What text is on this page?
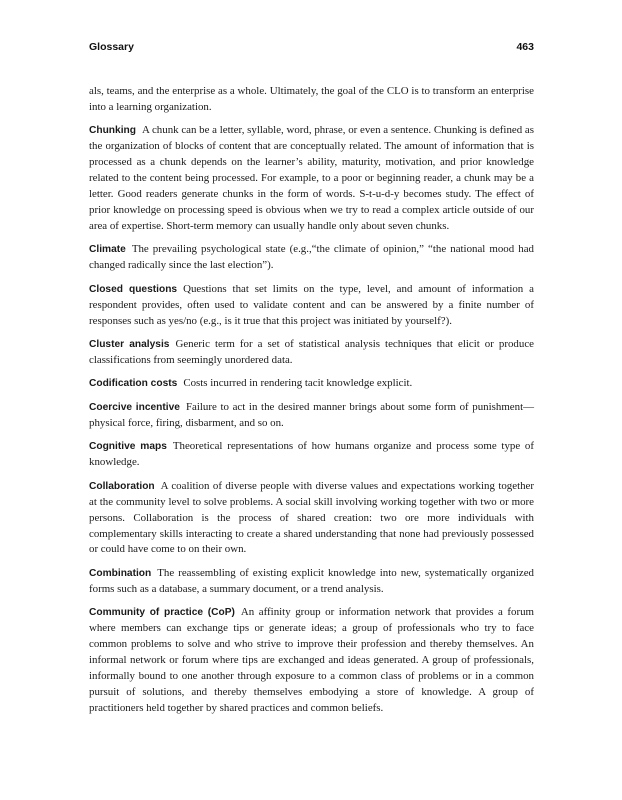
Glossary	463

als, teams, and the enterprise as a whole. Ultimately, the goal of the CLO is to transform an enterprise into a learning organization.

Chunking A chunk can be a letter, syllable, word, phrase, or even a sentence. Chunking is defined as the organization of blocks of content that are conceptually related. The amount of information that is processed as a chunk depends on the learner’s ability, maturity, motivation, and prior knowledge related to the content being processed. For example, to a poor or beginning reader, a chunk may be a letter. Good readers generate chunks in the form of words. S-t-u-d-y becomes study. The effect of prior knowledge on processing speed is obvious when we try to read a complex article outside of our area of expertise. Short-term memory can usually handle only about seven chunks.

Climate The prevailing psychological state (e.g.,“the climate of opinion,” “the national mood had changed radically since the last election”).

Closed questions Questions that set limits on the type, level, and amount of information a respondent provides, often used to validate content and can be answered by a finite number of responses such as yes/no (e.g., is it true that this project was initiated by yourself?).

Cluster analysis Generic term for a set of statistical analysis techniques that elicit or produce classifications from seemingly unordered data.

Codification costs Costs incurred in rendering tacit knowledge explicit.

Coercive incentive Failure to act in the desired manner brings about some form of punishment—physical force, firing, disbarment, and so on.

Cognitive maps Theoretical representations of how humans organize and process some type of knowledge.

Collaboration A coalition of diverse people with diverse values and expectations working together at the community level to solve problems. A social skill involving working together with two or more persons. Collaboration is the process of shared creation: two ore more individuals with complementary skills interacting to create a shared understanding that none had previously possessed or could have come to on their own.

Combination The reassembling of existing explicit knowledge into new, systematically organized forms such as a database, a summary document, or a trend analysis.

Community of practice (CoP) An affinity group or information network that provides a forum where members can exchange tips or generate ideas; a group of professionals who try to face common problems to solve and who strive to improve their profession and thereby themselves. An informal network or forum where tips are exchanged and ideas generated. A group of professionals, informally bound to one another through exposure to a common class of problems or in a common pursuit of solutions, and thereby themselves embodying a store of knowledge. A group of practitioners held together by shared practices and common beliefs.
